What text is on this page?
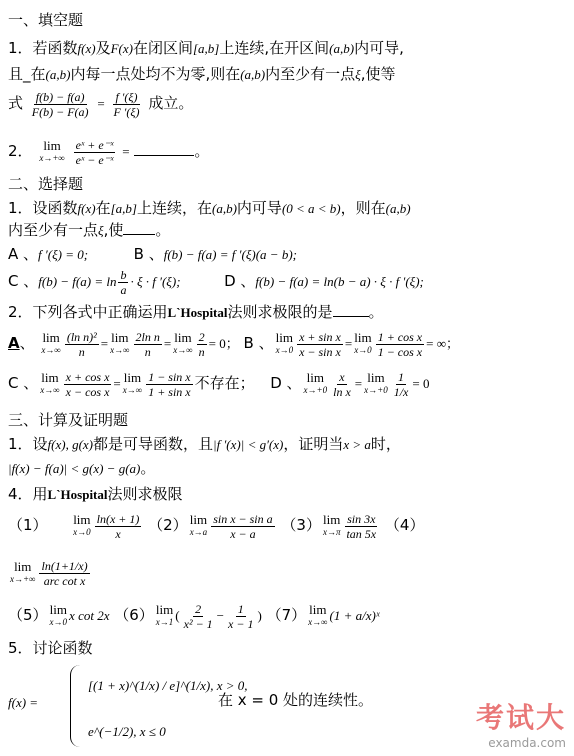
一、填空题
1．若函数f(x)及F(x)在闭区间[a,b]上连续,在开区间(a,b)内可导,
且_在(a,b)内每一点处均不为零,则在(a,b)内至少有一点ξ,使等
式 $\frac{f(b) - f(a)}{F(b) - F(a)} = \frac{f '(\xi)}{F '(\xi)}$ 成立。
2． lim
x→+∞
$\frac{\text{eˣ + e⁻ˣ}}{\text{eˣ − e⁻ˣ}}$ =	。
二、选择题
1．设函数f(x)在[a,b]上连续，在(a,b)内可导(0 < a < b)，则在(a,b)
内至少有一点ξ,使 。
A 、f ′(ξ) = 0;	B 、f(b) − f(a) = f ′(ξ)(a − b);
C 、$f(b) - f(a) = \ln \frac{b}{a} \cdot \xi \cdot f$ ′(ξ);	D 、f(b) − f(a) = ln(b − a) · ξ · f ′(ξ);
2．下列各式中正确运用L`Hospital法则求极限的是 。
A、 lim
$x\to\infty \frac{\text{(ln n)²}}{n} = \lim$
$x\to\infty \frac{\text{2ln n}}{n} = \lim$
$x\to\infty \frac{2}{n} = 0$； B 、 lim
$x\to 0 \frac{\text{x + sin x}}{\text{x − sin x}} = \lim$
$x\to 0 \frac{\text{1 + cos x}}{\text{1 − cos x}}$ = ∞；
C 、 lim
$x\to\infty \frac{\text{x + cos x}}{\text{x − cos x}} = \lim$
$x\to\infty \frac{\text{1 − sin x}}{\text{1 + sin x}}$ 不存在； D 、 lim
$x\to+0 \frac{x}{\text{ln x}} = \lim$
$x\to+0 \frac{1}{1/x} = 0$
三、计算及证明题
1．设f(x), g(x)都是可导函数，且|f ′(x)| < g′(x)，证明当x > a时，
|f(x) − f(a)| < g(x) − g(a)。
4．用L`Hospital法则求极限
（1） lim
$x\to 0 \frac{\ln(x + 1)}{x} (2)$ lim
$x\to a \frac{\text{sin x − sin a}}{x - a} (3)$ lim
$x\to\pi \frac{\sin 3x}{\tan 5x} (4)$
lim
x→+∞
ln(1+1/x)
arc cot x
（5） lim
x→0 x cot 2x （6） lim
x→1 ( $\frac{2}{\text{x² − 1}} - \frac{1}{x - 1}$ ) （7） lim
x→∞ (1 + a/x)ˣ
5．讨论函数
f(x) =
[(1 + x)^(1/x) / e]^(1/x), x > 0,
e^(−1/2), x ≤ 0
在 x = 0 处的连续性。
考试大
examda.com
